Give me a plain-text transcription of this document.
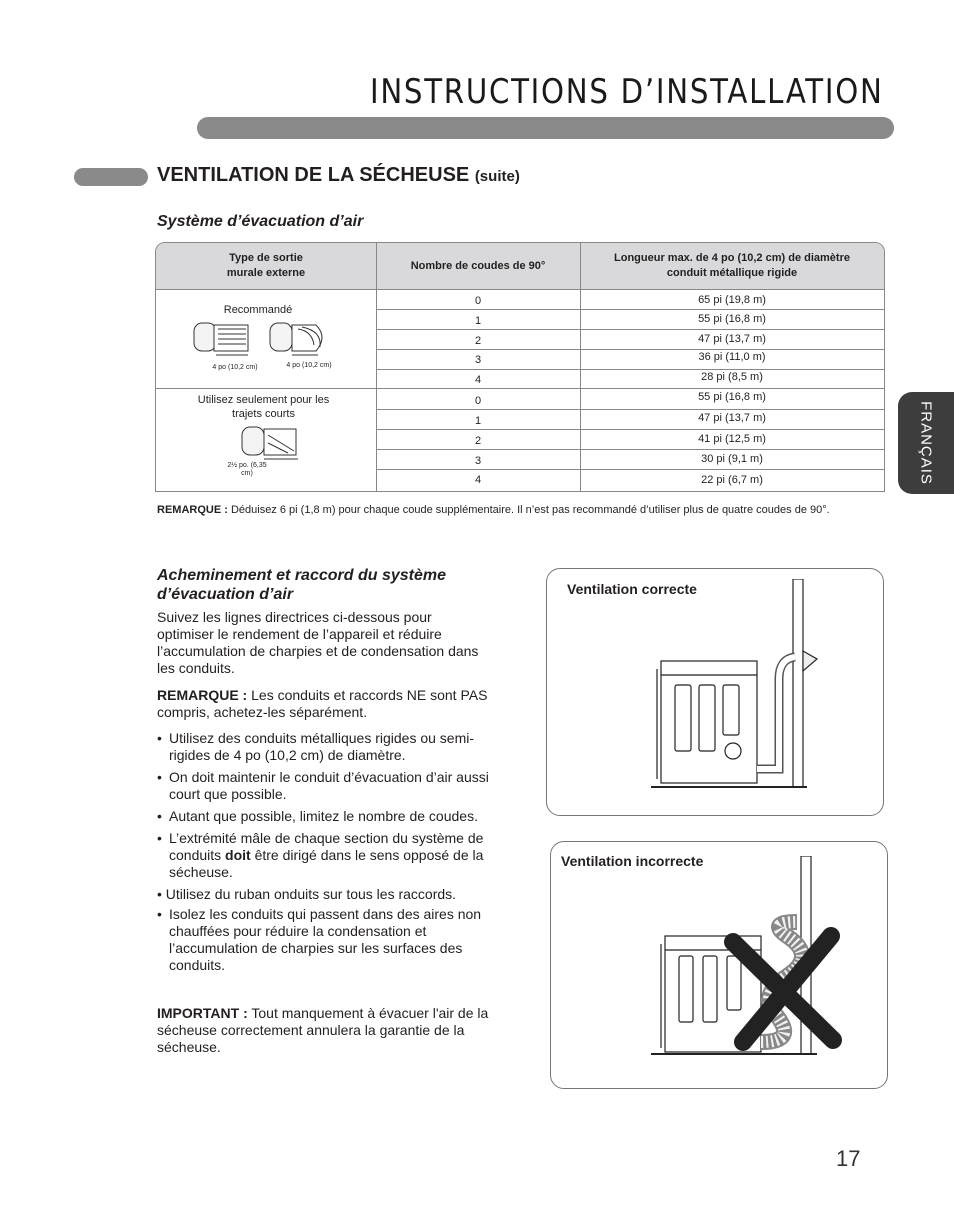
INSTRUCTIONS D’INSTALLATION
VENTILATION DE LA SÉCHEUSE (suite)
FRANÇAIS
Système d’évacuation d’air
Type de sortie murale externe
Nombre de coudes de 90°
Longueur max. de 4 po (10,2 cm) de diamètre conduit métallique rigide
Recommandé
4 po (10,2 cm)	4 po (10,2 cm)
0	65 pi (19,8 m)
1	55 pi (16,8 m)
2	47 pi (13,7 m)
3	36 pi (11,0 m)
4	28 pi (8,5 m)
Utilisez seulement pour les trajets courts
2½ po. (6,35 cm)
0	55 pi (16,8 m)
1	47 pi (13,7 m)
2	41 pi (12,5 m)
3	30 pi (9,1 m)
4	22 pi (6,7 m)
REMARQUE : Déduisez 6 pi (1,8 m) pour chaque coude supplémentaire. Il n’est pas recommandé d’utiliser plus de quatre coudes de 90°.
Acheminement et raccord du système d’évacuation d’air
Suivez les lignes directrices ci-dessous pour optimiser le rendement de l’appareil et réduire l’accumulation de charpies et de condensation dans les conduits.
REMARQUE : Les conduits et raccords NE sont PAS compris, achetez-les séparément.
• Utilisez des conduits métalliques rigides ou semi-rigides de 4 po (10,2 cm) de diamètre.
• On doit maintenir le conduit d’évacuation d’air aussi court que possible.
• Autant que possible, limitez le nombre de coudes.
• L’extrémité mâle de chaque section du système de conduits doit être dirigé dans le sens opposé de la sécheuse.
• Utilisez du ruban onduits sur tous les raccords.
• Isolez les conduits qui passent dans des aires non chauffées pour réduire la condensation et l’accumulation de charpies sur les surfaces des conduits.
IMPORTANT : Tout manquement à évacuer l'air de la sécheuse correctement annulera la garantie de la sécheuse.
Ventilation correcte
Ventilation incorrecte
17
